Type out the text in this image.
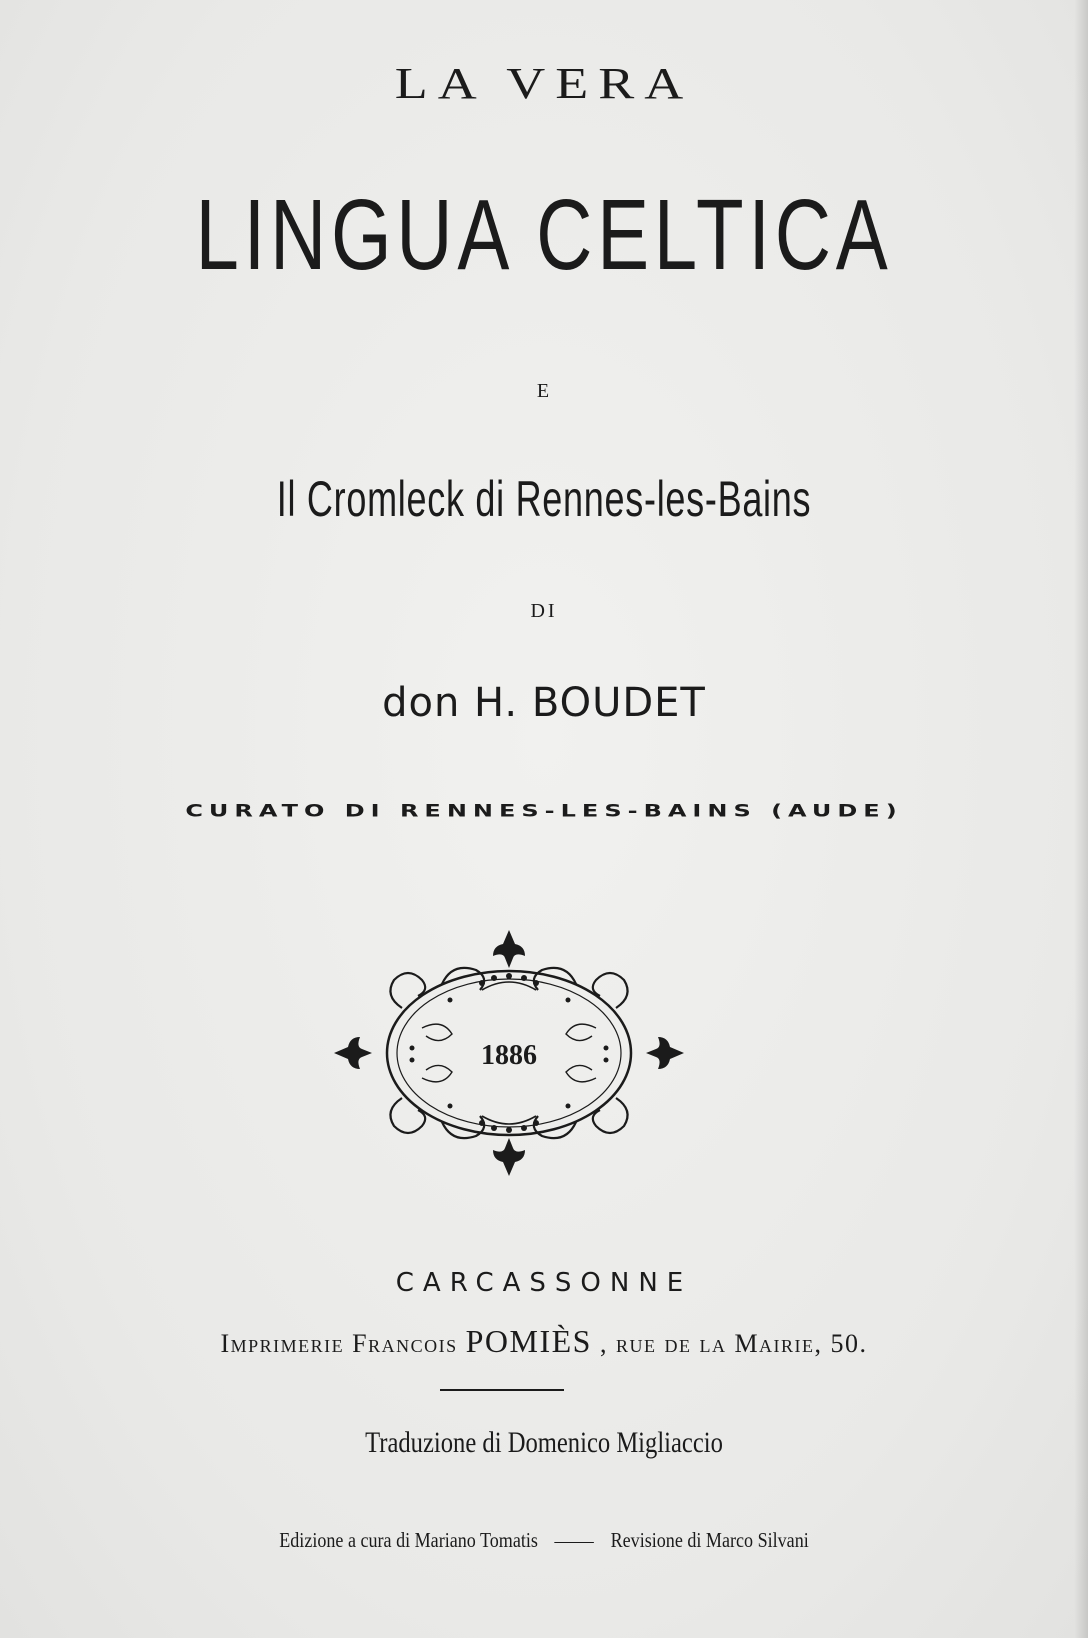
LA VERA
LINGUA CELTICA
E
Il Cromleck di Rennes-les-Bains
DI
don H. BOUDET
CURATO DI RENNES-LES-BAINS (AUDE)
1886
CARCASSONNE
Imprimerie Francois POMIÈS , rue de la Mairie, 50.
Traduzione di Domenico Migliaccio
Edizione a cura di Mariano Tomatis	Revisione di Marco Silvani
